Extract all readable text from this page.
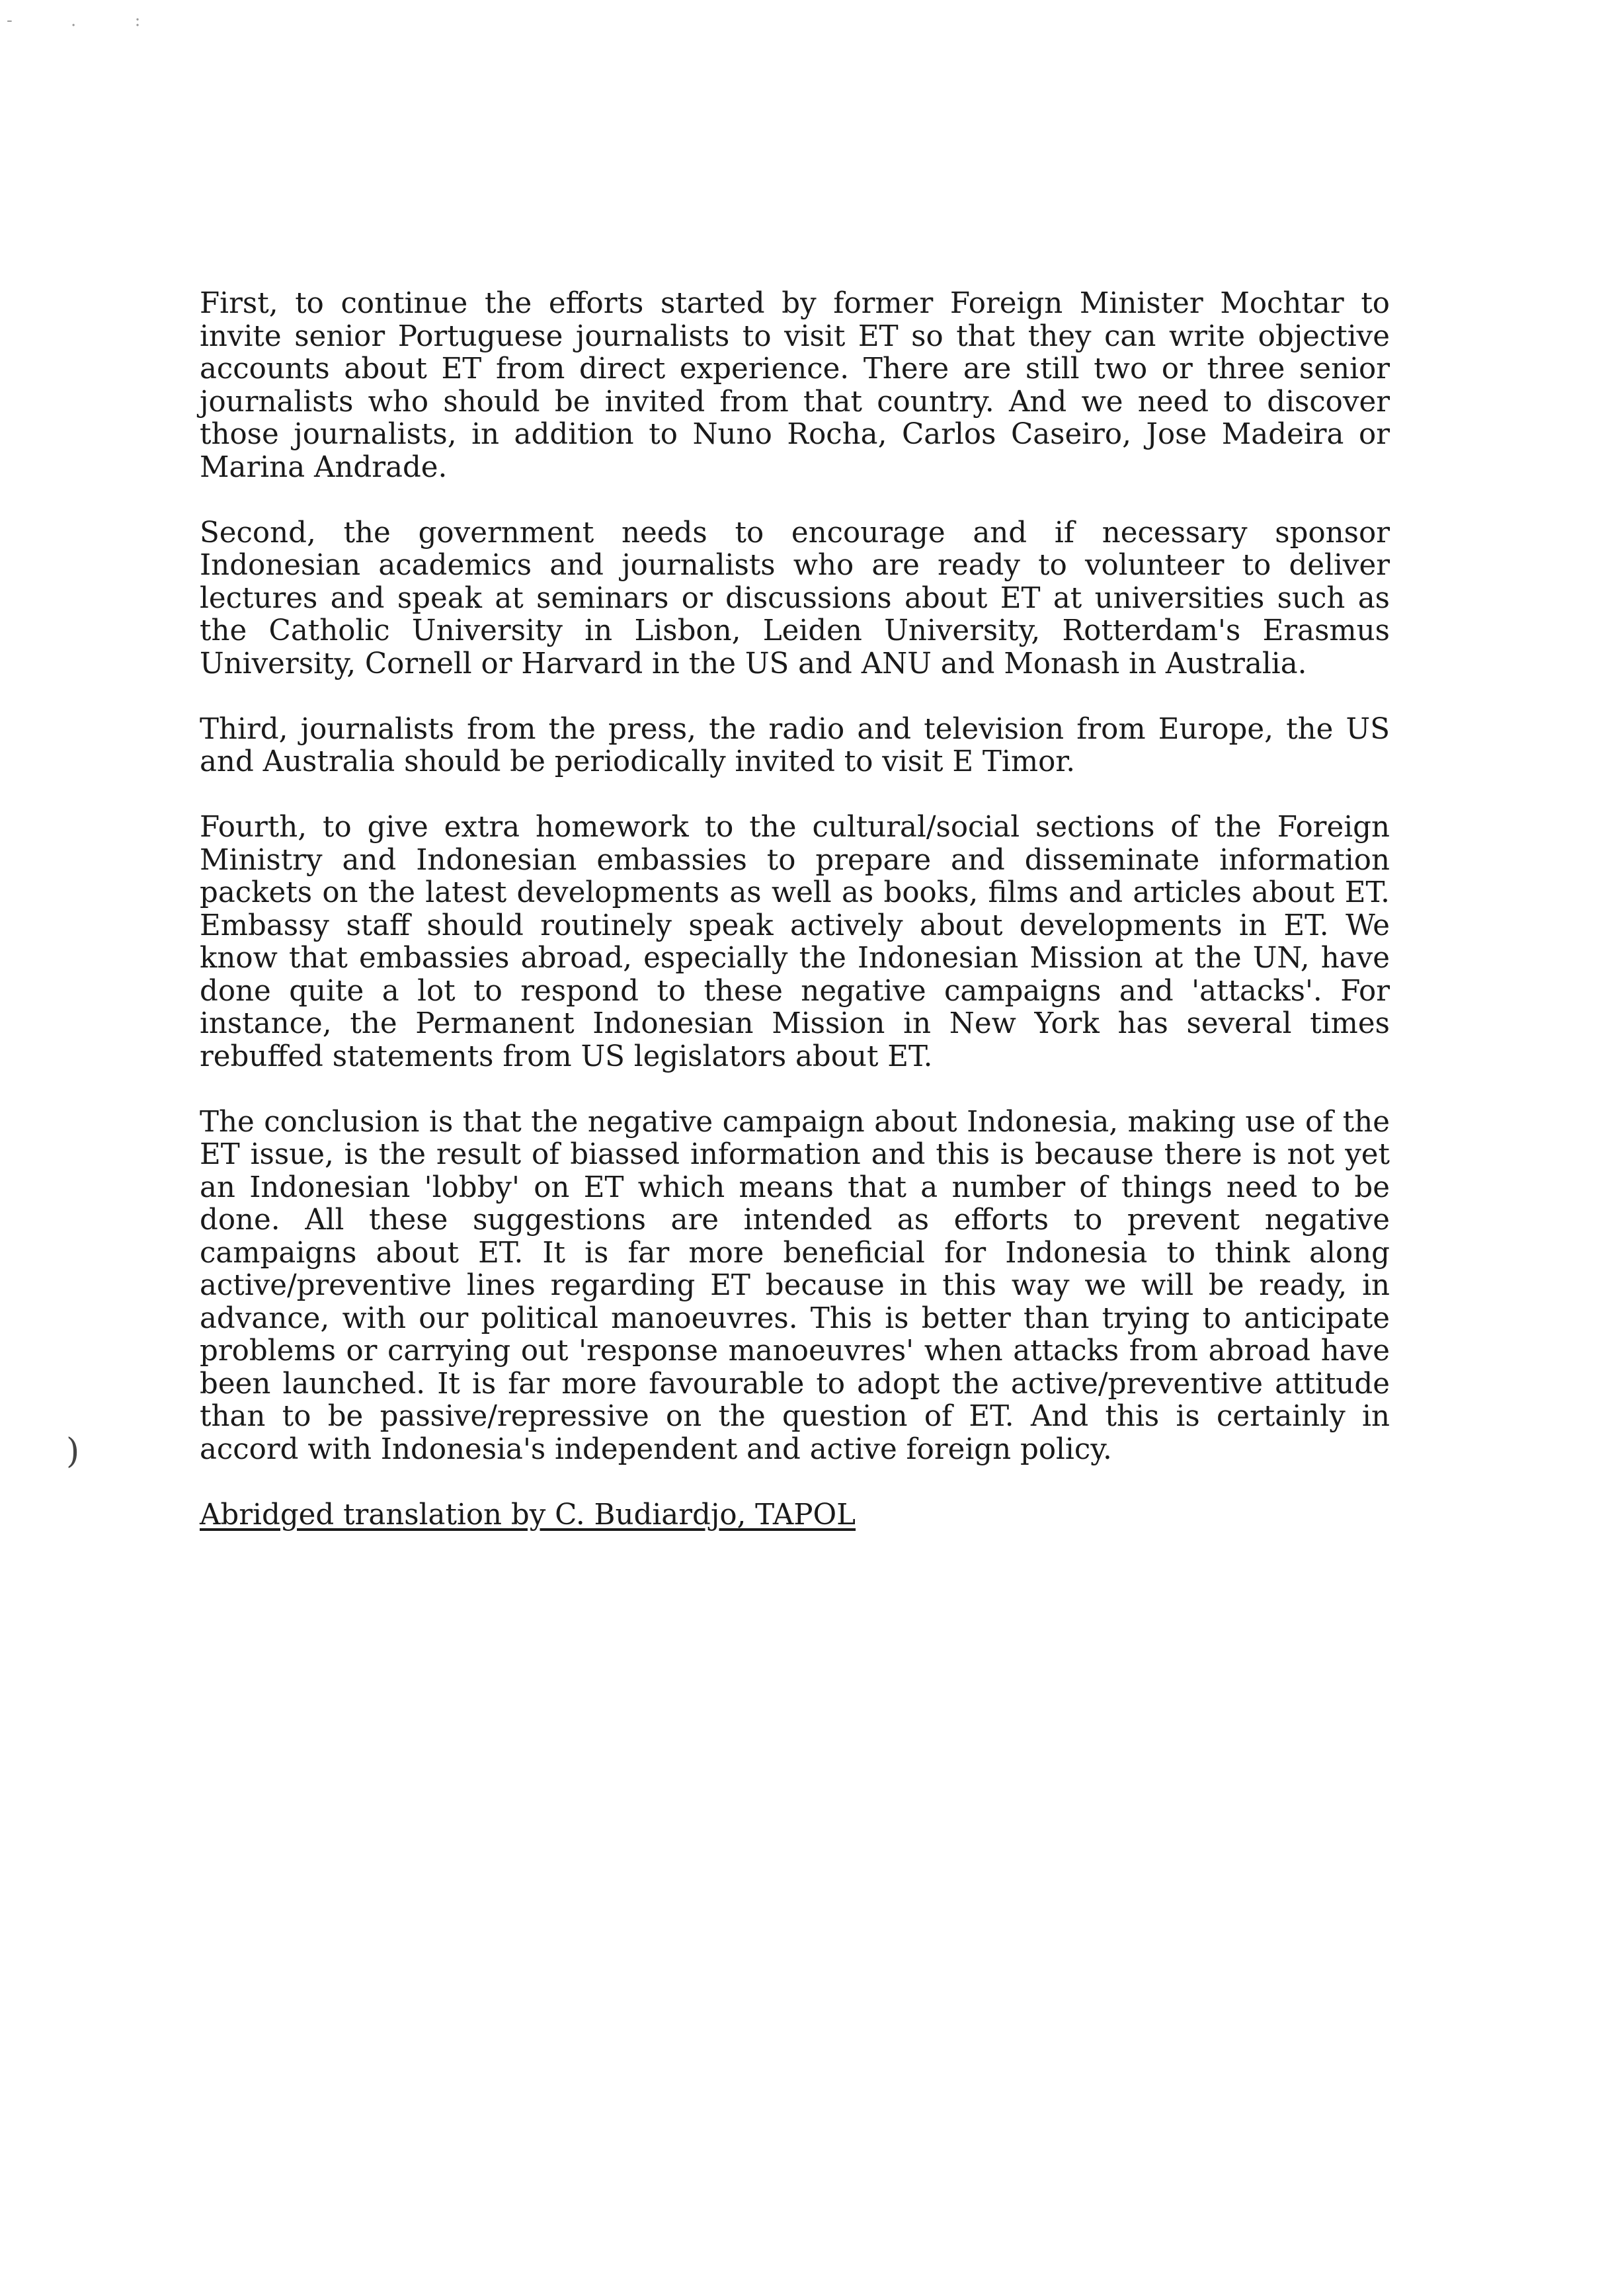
- . :
)

First, to continue the efforts started by former Foreign Minister Mochtar to invite senior Portuguese journalists to visit ET so that they can write objective accounts about ET from direct experience. There are still two or three senior journalists who should be invited from that country. And we need to discover those journalists, in addition to Nuno Rocha, Carlos Caseiro, Jose Madeira or Marina Andrade.

Second, the government needs to encourage and if necessary sponsor Indonesian academics and journalists who are ready to volunteer to deliver lectures and speak at seminars or discussions about ET at universities such as the Catholic University in Lisbon, Leiden University, Rotterdam's Erasmus University, Cornell or Harvard in the US and ANU and Monash in Australia.

Third, journalists from the press, the radio and television from Europe, the US and Australia should be periodically invited to visit E Timor.

Fourth, to give extra homework to the cultural/social sections of the Foreign Ministry and Indonesian embassies to prepare and disseminate information packets on the latest developments as well as books, films and articles about ET. Embassy staff should routinely speak actively about developments in ET. We know that embassies abroad, especially the Indonesian Mission at the UN, have done quite a lot to respond to these negative campaigns and 'attacks'. For instance, the Permanent Indonesian Mission in New York has several times rebuffed statements from US legislators about ET.

The conclusion is that the negative campaign about Indonesia, making use of the ET issue, is the result of biassed information and this is because there is not yet an Indonesian 'lobby' on ET which means that a number of things need to be done. All these suggestions are intended as efforts to prevent negative campaigns about ET. It is far more beneficial for Indonesia to think along active/preventive lines regarding ET because in this way we will be ready, in advance, with our political manoeuvres. This is better than trying to anticipate problems or carrying out 'response manoeuvres' when attacks from abroad have been launched. It is far more favourable to adopt the active/preventive attitude than to be passive/repressive on the question of ET. And this is certainly in accord with Indonesia's independent and active foreign policy.

Abridged translation by C. Budiardjo, TAPOL
